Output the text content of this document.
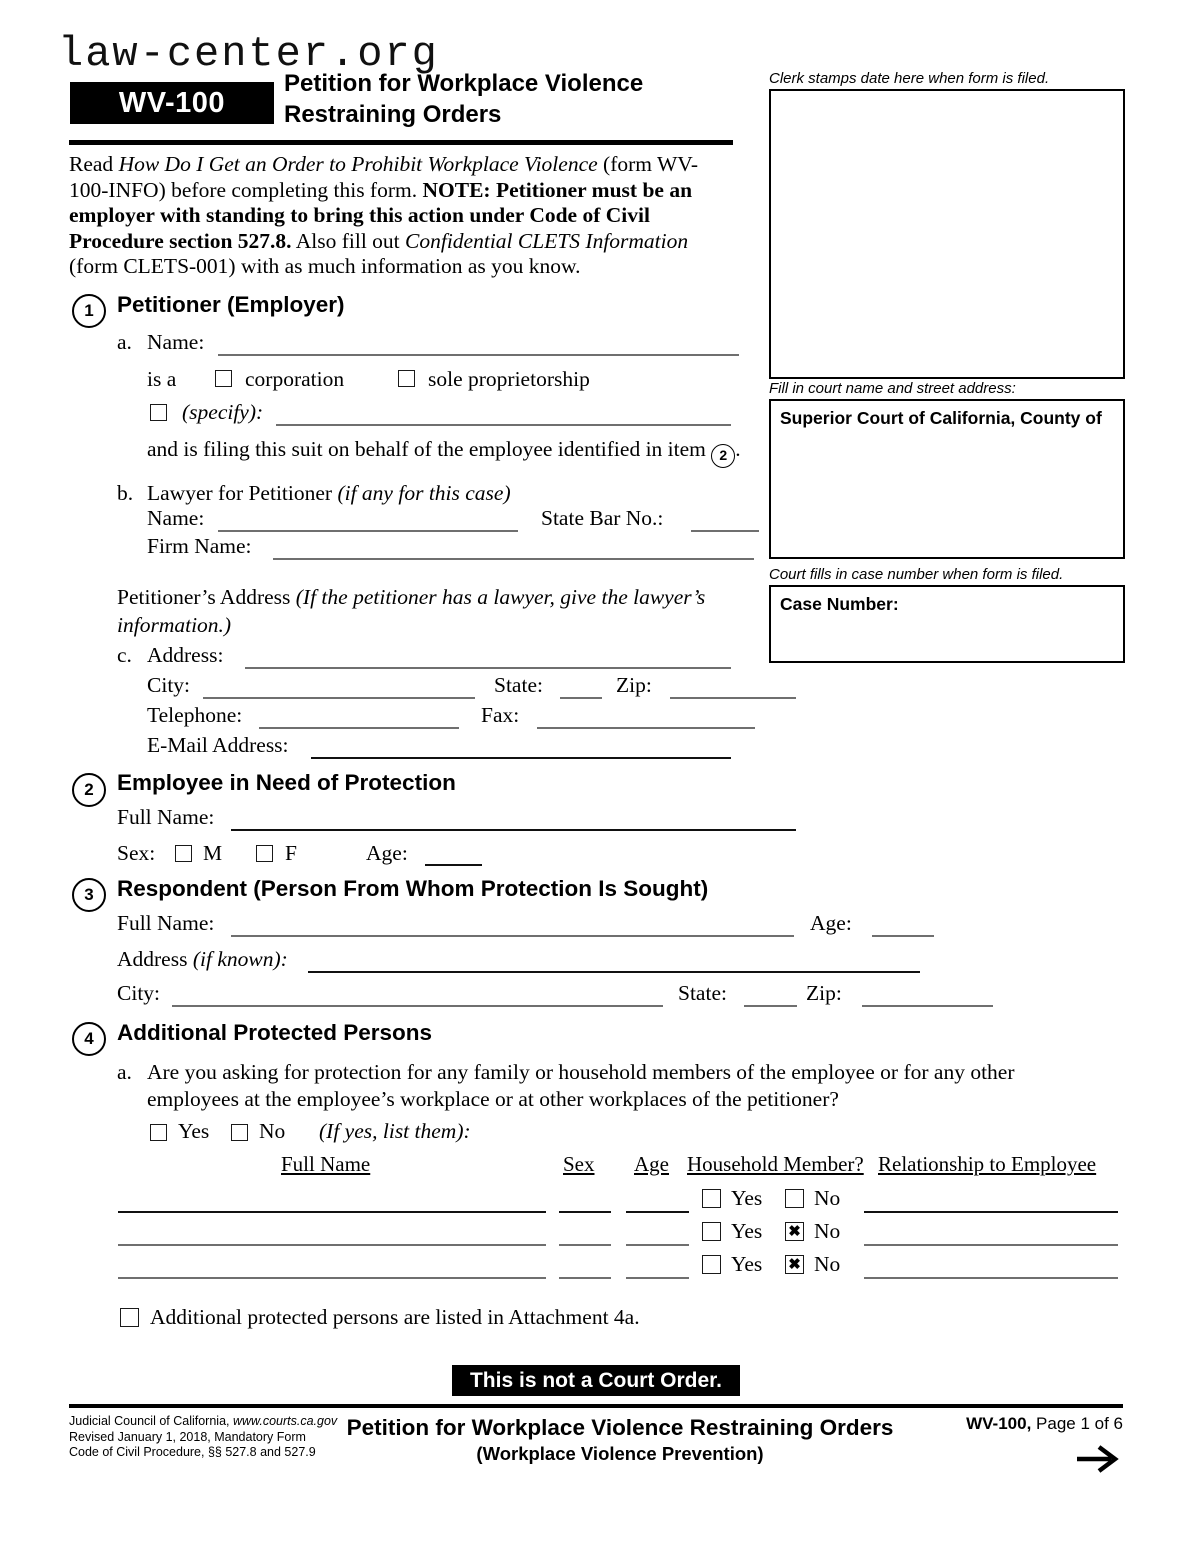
law-center.org
WV-100
Petition for Workplace Violence
Restraining Orders
Read How Do I Get an Order to Prohibit Workplace Violence (form WV-100-INFO) before completing this form. NOTE: Petitioner must be an employer with standing to bring this action under Code of Civil Procedure section 527.8. Also fill out Confidential CLETS Information (form CLETS-001) with as much information as you know.
Clerk stamps date here when form is filed.
Fill in court name and street address:
Superior Court of California, County of
Court fills in case number when form is filed.
Case Number:
1	Petitioner (Employer)
a. Name:
is a	corporation	sole proprietorship
(specify):
and is filing this suit on behalf of the employee identified in item 2 .
b. Lawyer for Petitioner (if any for this case)
Name:	State Bar No.:
Firm Name:
Petitioner’s Address (If the petitioner has a lawyer, give the lawyer’s information.)
c. Address:
City:	State:	Zip:
Telephone:	Fax:
E-Mail Address:
2	Employee in Need of Protection
Full Name:
Sex: M	F	Age:
3	Respondent (Person From Whom Protection Is Sought)
Full Name:	Age:
Address (if known):
City:	State:	Zip:
4	Additional Protected Persons
a. Are you asking for protection for any family or household members of the employee or for any other
employees at the employee’s workplace or at other workplaces of the petitioner?
Yes No (If yes, list them):
Full Name	Sex Age Household Member? Relationship to Employee
Yes No
Yes ✖ No
Yes ✖ No
Additional protected persons are listed in Attachment 4a.
This is not a Court Order.
Judicial Council of California, www.courts.ca.gov
Revised January 1, 2018, Mandatory Form
Code of Civil Procedure, §§ 527.8 and 527.9
Petition for Workplace Violence Restraining Orders
(Workplace Violence Prevention)
WV-100, Page 1 of 6
